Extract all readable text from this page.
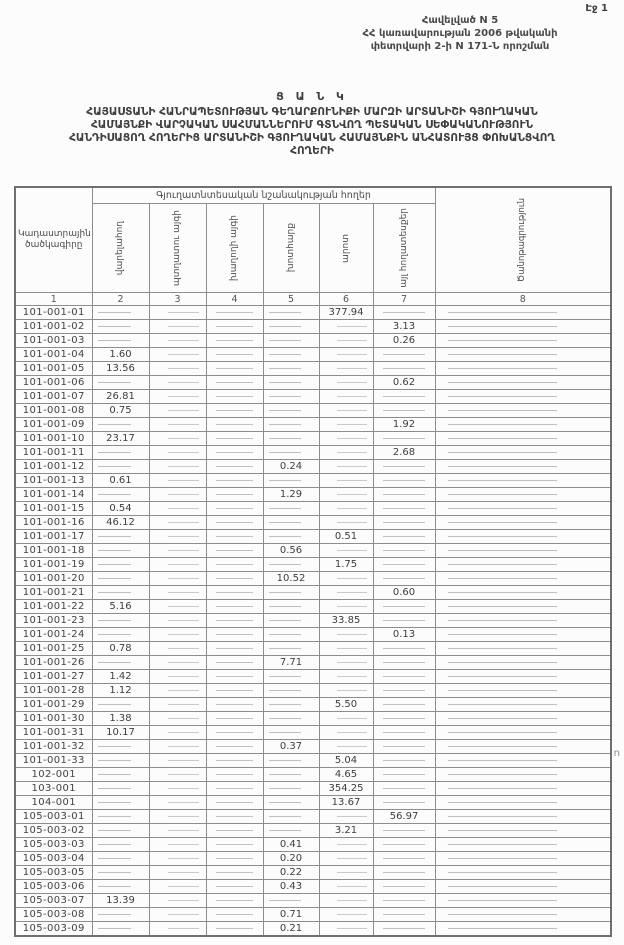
Էջ 1
Հավելված N 5
ՀՀ կառավարության 2006 թվականի
փետրվարի 2-ի N 171-Ն որոշման
Ց Ա Ն Կ
ՀԱՅԱՍՏԱՆԻ ՀԱՆՐԱՊԵՏՈՒԹՅԱՆ ԳԵՂԱՐՔՈՒՆԻՔԻ ՄԱՐԶԻ ԱՐՏԱՆԻՇԻ ԳՅՈՒՂԱԿԱՆ
ՀԱՄԱՅՆՔԻ ՎԱՐՉԱԿԱՆ ՍԱՀՄԱՆՆԵՐՈՒՄ ԳՏՆՎՈՂ ՊԵՏԱԿԱՆ ՍԵՓԱԿԱՆՈՒԹՅՈՒՆ
ՀԱՆԴԻՍԱՑՈՂ ՀՈՂԵՐԻՑ ԱՐՏԱՆԻՇԻ ԳՅՈՒՂԱԿԱՆ ՀԱՄԱՅՆՔԻՆ ԱՆՀԱՏՈՒՅՑ ՓՈԽԱՆՑՎՈՂ
ՀՈՂԵՐԻ
Կադաստրային ծածկագիրը	Գյուղատնտեսական նշանակության հողեր						Ծանոթագրություն

	վարելահող	պտղատու այգի	խաղողի այգի	խոտհարք	արոտ	այլ հողատեսքեր	

1	2	3	4	5	6	7	8
101-001-01					377.94		
101-001-02						3.13	
101-001-03						0.26	
101-001-04	1.60						
101-001-05	13.56						
101-001-06						0.62	
101-001-07	26.81						
101-001-08	0.75						
101-001-09						1.92	
101-001-10	23.17						
101-001-11						2.68	
101-001-12				0.24			
101-001-13	0.61						
101-001-14				1.29			
101-001-15	0.54						
101-001-16	46.12						
101-001-17					0.51		
101-001-18				0.56			
101-001-19					1.75		
101-001-20				10.52			
101-001-21						0.60	
101-001-22	5.16						
101-001-23					33.85		
101-001-24						0.13	
101-001-25	0.78						
101-001-26				7.71			
101-001-27	1.42						
101-001-28	1.12						
101-001-29					5.50		
101-001-30	1.38						
101-001-31	10.17						
101-001-32				0.37			
101-001-33					5.04		
102-001					4.65		
103-001					354.25		
104-001					13.67		
105-003-01						56.97	
105-003-02					3.21		
105-003-03				0.41			
105-003-04				0.20			
105-003-05				0.22			
105-003-06				0.43			
105-003-07	13.39						
105-003-08				0.71			
105-003-09				0.21			
ո
